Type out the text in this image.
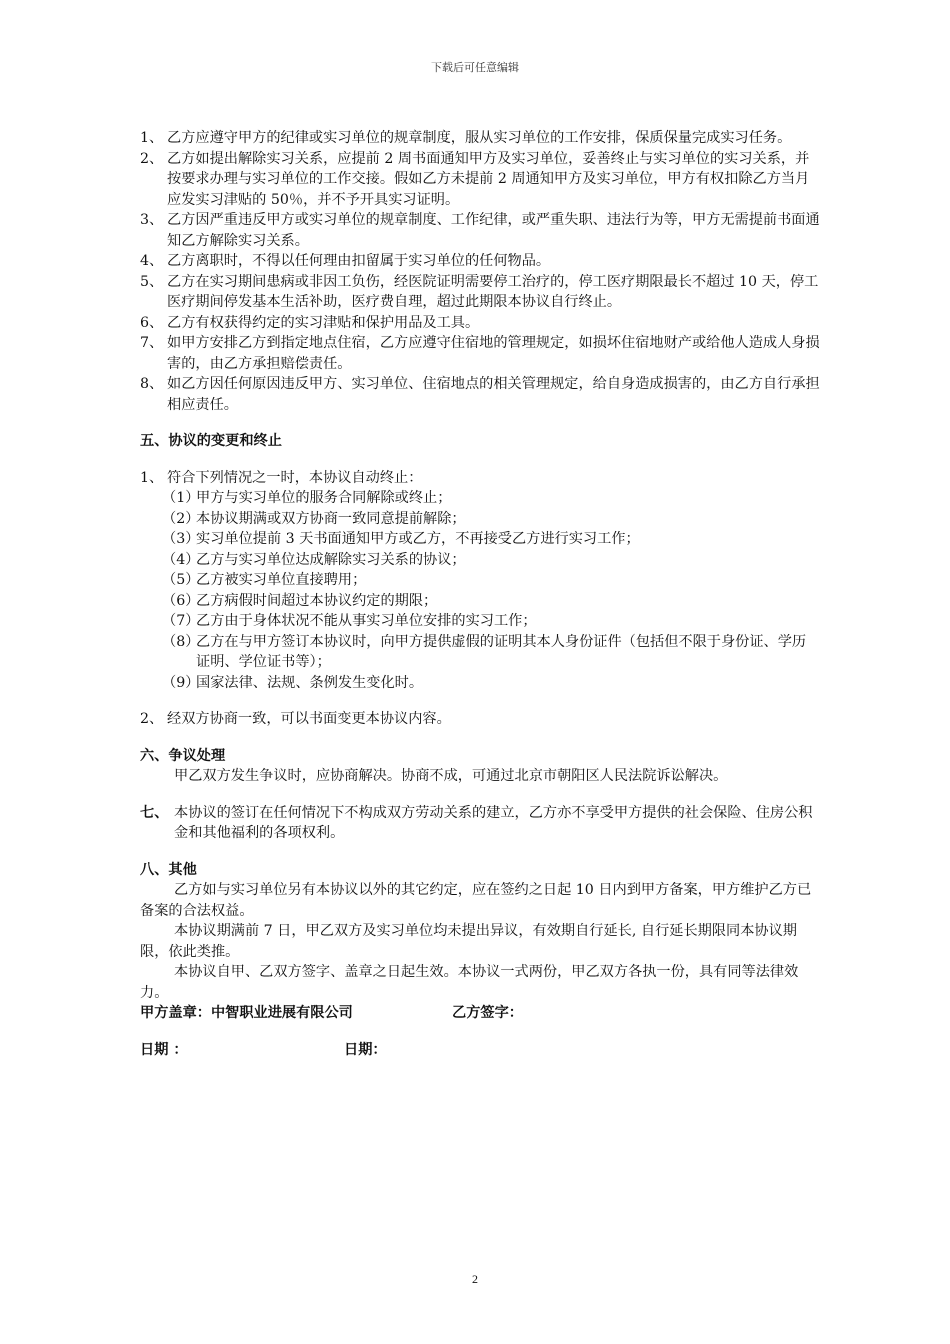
下载后可任意编辑
1、 乙方应遵守甲方的纪律或实习单位的规章制度，服从实习单位的工作安排，保质保量完成实习任务。
2、 乙方如提出解除实习关系，应提前 2 周书面通知甲方及实习单位，妥善终止与实习单位的实习关系，并按要求办理与实习单位的工作交接。假如乙方未提前 2 周通知甲方及实习单位，甲方有权扣除乙方当月应发实习津贴的 50％，并不予开具实习证明。
3、 乙方因严重违反甲方或实习单位的规章制度、工作纪律，或严重失职、违法行为等，甲方无需提前书面通知乙方解除实习关系。
4、 乙方离职时，不得以任何理由扣留属于实习单位的任何物品。
5、 乙方在实习期间患病或非因工负伤，经医院证明需要停工治疗的，停工医疗期限最长不超过 10 天，停工医疗期间停发基本生活补助，医疗费自理，超过此期限本协议自行终止。
6、 乙方有权获得约定的实习津贴和保护用品及工具。
7、 如甲方安排乙方到指定地点住宿，乙方应遵守住宿地的管理规定，如损坏住宿地财产或给他人造成人身损害的，由乙方承担赔偿责任。
8、 如乙方因任何原因违反甲方、实习单位、住宿地点的相关管理规定，给自身造成损害的，由乙方自行承担相应责任。
五、协议的变更和终止
1、 符合下列情况之一时，本协议自动终止：
（1）
甲方与实习单位的服务合同解除或终止；
（2）
本协议期满或双方协商一致同意提前解除；
（3）
实习单位提前 3 天书面通知甲方或乙方，不再接受乙方进行实习工作；
（4）
乙方与实习单位达成解除实习关系的协议；
（5）
乙方被实习单位直接聘用；
（6）
乙方病假时间超过本协议约定的期限；
（7）
乙方由于身体状况不能从事实习单位安排的实习工作；
（8）
乙方在与甲方签订本协议时，向甲方提供虚假的证明其本人身份证件（包括但不限于身份证、学历证明、学位证书等）；
（9）
国家法律、法规、条例发生变化时。
2、 经双方协商一致，可以书面变更本协议内容。
六、争议处理
甲乙双方发生争议时，应协商解决。协商不成，可通过北京市朝阳区人民法院诉讼解决。
七、 本协议的签订在任何情况下不构成双方劳动关系的建立，乙方亦不享受甲方提供的社会保险、住房公积金和其他福利的各项权利。
八、其他
乙方如与实习单位另有本协议以外的其它约定，应在签约之日起 10 日内到甲方备案，甲方维护乙方已备案的合法权益。
本协议期满前 7 日，甲乙双方及实习单位均未提出异议，有效期自行延长, 自行延长期限同本协议期限，依此类推。
本协议自甲、乙双方签字、盖章之日起生效。本协议一式两份，甲乙双方各执一份，具有同等法律效力。
甲方盖章：中智职业进展有限公司	乙方签字：
日期 ：	日期：
2
